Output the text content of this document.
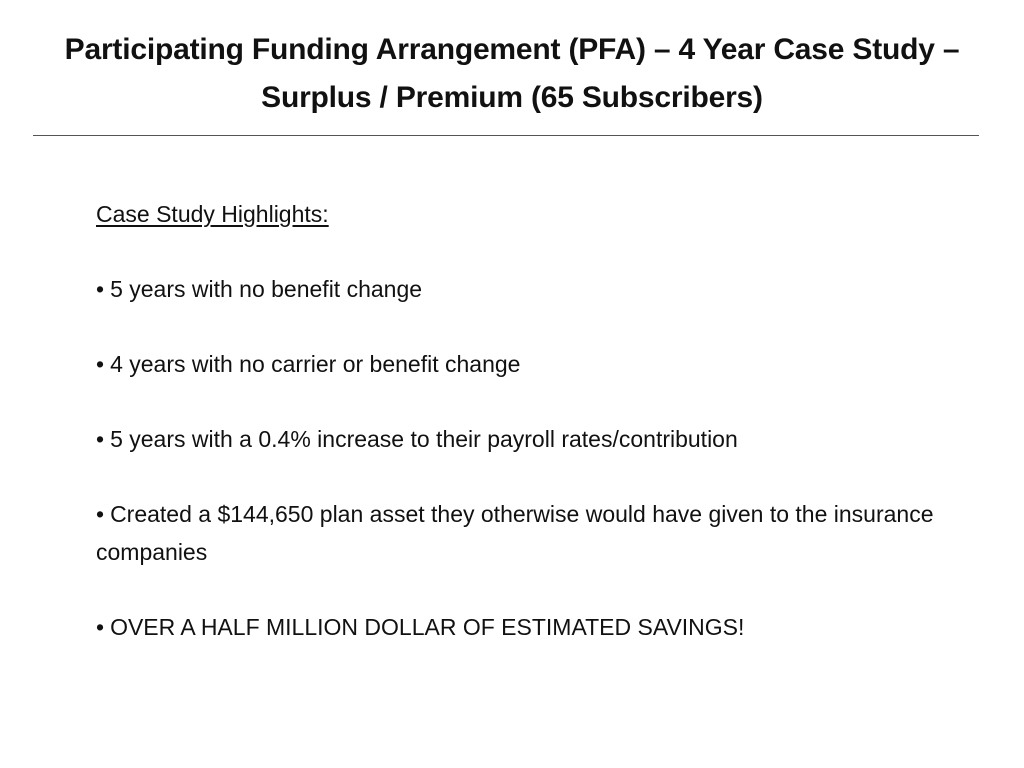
Participating Funding Arrangement (PFA) – 4 Year Case Study – Surplus / Premium (65 Subscribers)
Case Study Highlights:
• 5 years with no benefit change
• 4 years with no carrier or benefit change
• 5 years with a 0.4% increase to their payroll rates/contribution
• Created a $144,650 plan asset they otherwise would have given to the insurance companies
• OVER A HALF MILLION DOLLAR OF ESTIMATED SAVINGS!
